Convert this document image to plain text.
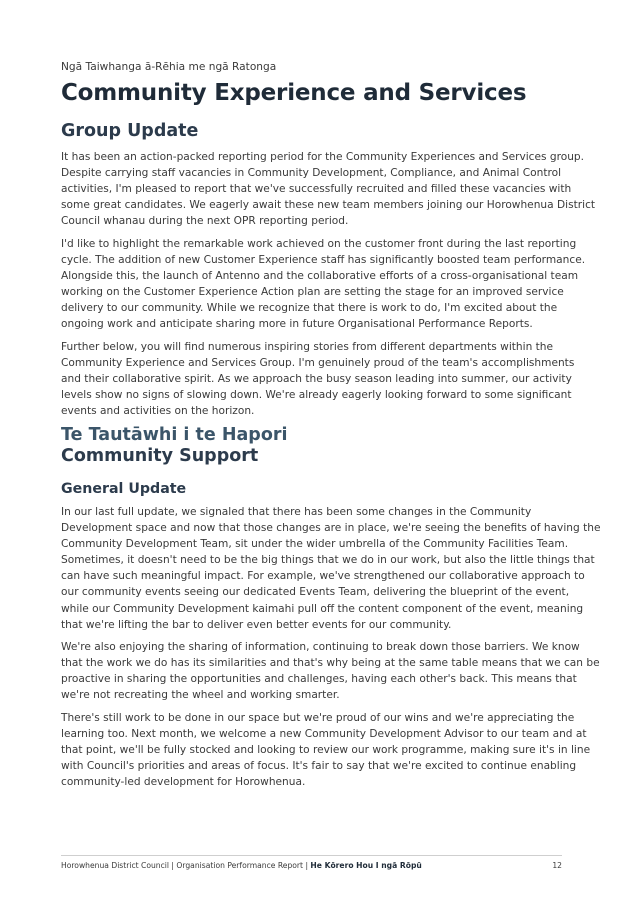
Ngā Taiwhanga ā-Rēhia me ngā Ratonga
Community Experience and Services
Group Update
It has been an action-packed reporting period for the Community Experiences and Services group.
Despite carrying staff vacancies in Community Development, Compliance, and Animal Control
activities, I'm pleased to report that we've successfully recruited and filled these vacancies with
some great candidates. We eagerly await these new team members joining our Horowhenua District
Council whanau during the next OPR reporting period.
I'd like to highlight the remarkable work achieved on the customer front during the last reporting
cycle. The addition of new Customer Experience staff has significantly boosted team performance.
Alongside this, the launch of Antenno and the collaborative efforts of a cross-organisational team
working on the Customer Experience Action plan are setting the stage for an improved service
delivery to our community. While we recognize that there is work to do, I'm excited about the
ongoing work and anticipate sharing more in future Organisational Performance Reports.
Further below, you will find numerous inspiring stories from different departments within the
Community Experience and Services Group. I'm genuinely proud of the team's accomplishments
and their collaborative spirit. As we approach the busy season leading into summer, our activity
levels show no signs of slowing down. We're already eagerly looking forward to some significant
events and activities on the horizon.
Te Tautāwhi i te Hapori
Community Support
General Update
In our last full update, we signaled that there has been some changes in the Community
Development space and now that those changes are in place, we're seeing the benefits of having the
Community Development Team, sit under the wider umbrella of the Community Facilities Team.
Sometimes, it doesn't need to be the big things that we do in our work, but also the little things that
can have such meaningful impact. For example, we've strengthened our collaborative approach to
our community events seeing our dedicated Events Team, delivering the blueprint of the event,
while our Community Development kaimahi pull off the content component of the event, meaning
that we're lifting the bar to deliver even better events for our community.
We're also enjoying the sharing of information, continuing to break down those barriers. We know
that the work we do has its similarities and that's why being at the same table means that we can be
proactive in sharing the opportunities and challenges, having each other's back. This means that
we're not recreating the wheel and working smarter.
There's still work to be done in our space but we're proud of our wins and we're appreciating the
learning too. Next month, we welcome a new Community Development Advisor to our team and at
that point, we'll be fully stocked and looking to review our work programme, making sure it's in line
with Council's priorities and areas of focus. It's fair to say that we're excited to continue enabling
community-led development for Horowhenua.
Horowhenua District Council | Organisation Performance Report | He Kōrero Hou I ngā Rōpū	12
